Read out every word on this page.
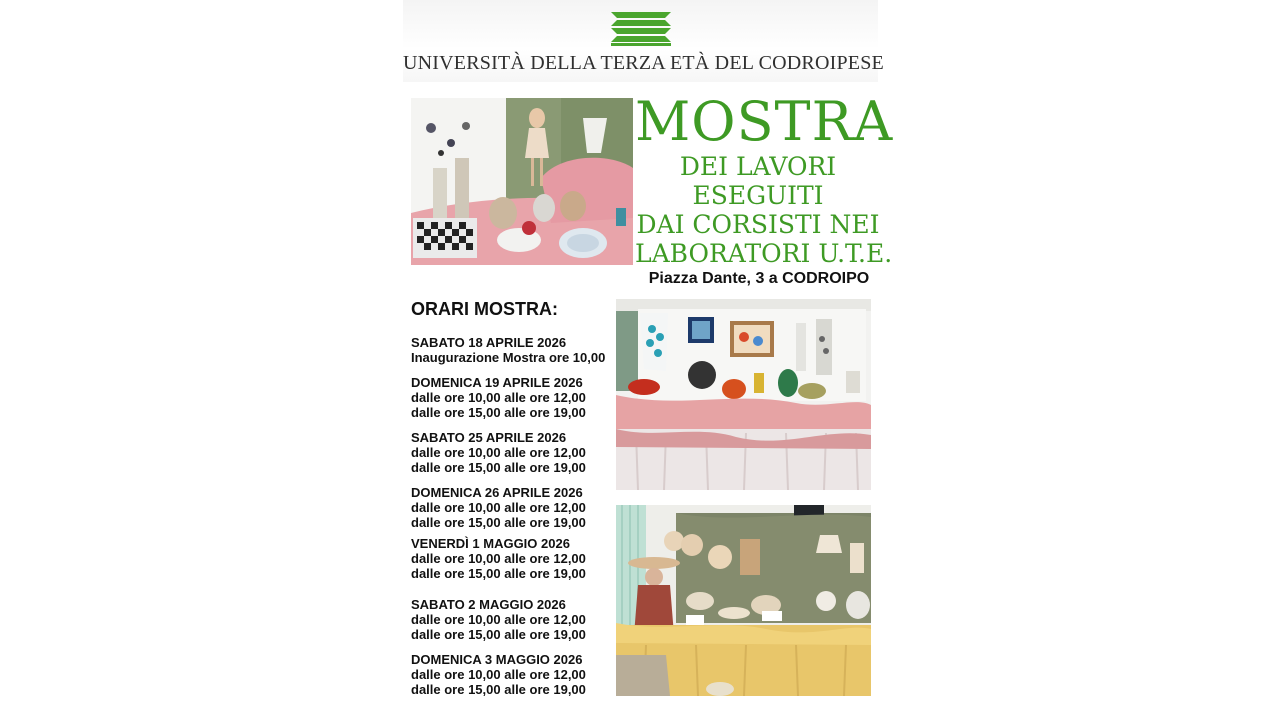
UNIVERSITÀ DELLA TERZA ETÀ DEL CODROIPESE
MOSTRA
DEI LAVORI
ESEGUITI
DAI CORSISTI NEI
LABORATORI U.T.E.
Piazza Dante, 3 a CODROIPO
ORARI MOSTRA:
SABATO 18 APRILE 2026
Inaugurazione Mostra ore 10,00
DOMENICA 19 APRILE 2026
dalle ore 10,00 alle ore 12,00
dalle ore 15,00 alle ore 19,00
SABATO 25 APRILE 2026
dalle ore 10,00 alle ore 12,00
dalle ore 15,00 alle ore 19,00
DOMENICA 26 APRILE 2026
dalle ore 10,00 alle ore 12,00
dalle ore 15,00 alle ore 19,00
VENERDÌ 1 MAGGIO 2026
dalle ore 10,00 alle ore 12,00
dalle ore 15,00 alle ore 19,00
SABATO 2 MAGGIO 2026
dalle ore 10,00 alle ore 12,00
dalle ore 15,00 alle ore 19,00
DOMENICA 3 MAGGIO 2026
dalle ore 10,00 alle ore 12,00
dalle ore 15,00 alle ore 19,00
